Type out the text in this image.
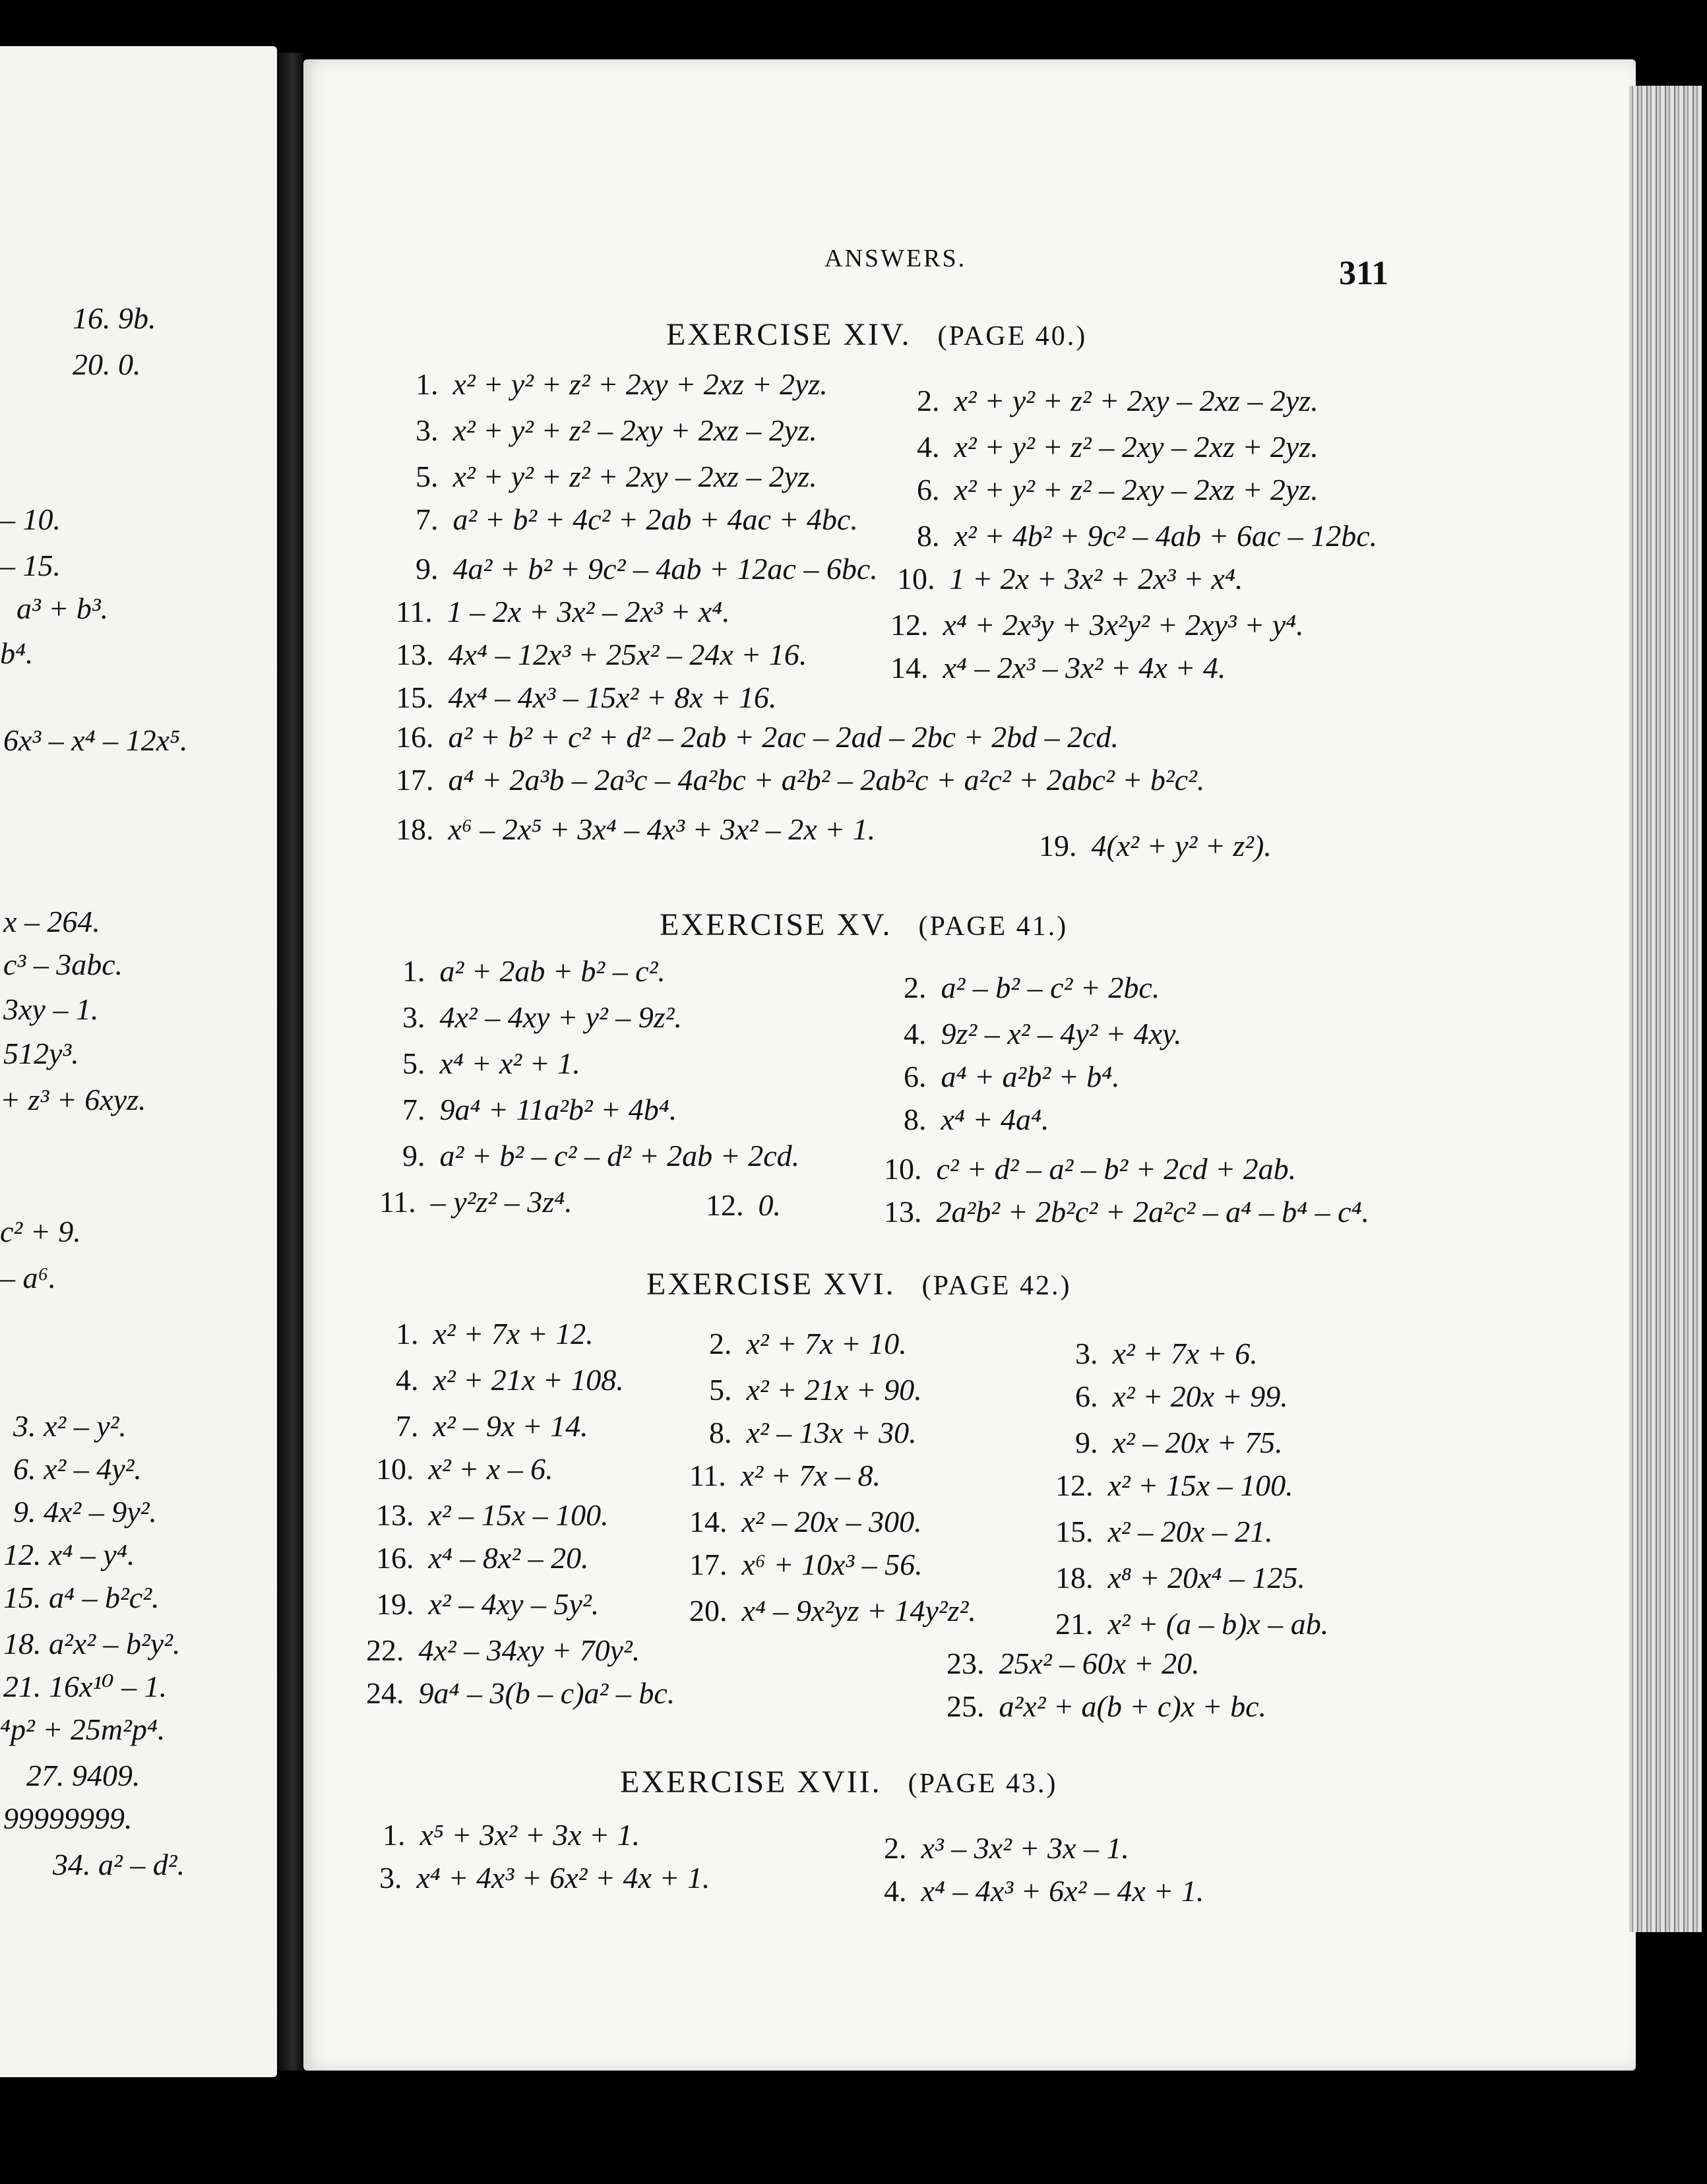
16. 9b.
20. 0.
– 10.
– 15.
a³ + b³.
b⁴.
6x³ – x⁴ – 12x⁵.
x – 264.
c³ – 3abc.
3xy – 1.
512y³.
+ z³ + 6xyz.
c² + 9.
– a⁶.
3. x² – y².
6. x² – 4y².
9. 4x² – 9y².
12. x⁴ – y⁴.
15. a⁴ – b²c².
18. a²x² – b²y².
21. 16x¹⁰ – 1.
⁴p² + 25m²p⁴.
27. 9409.
99999999.
34. a² – d².
ANSWERS.	311
EXERCISE XIV. (PAGE 40.)
1. x² + y² + z² + 2xy + 2xz + 2yz.	2. x² + y² + z² + 2xy – 2xz – 2yz.
3. x² + y² + z² – 2xy + 2xz – 2yz.	4. x² + y² + z² – 2xy – 2xz + 2yz.
5. x² + y² + z² + 2xy – 2xz – 2yz.	6. x² + y² + z² – 2xy – 2xz + 2yz.
7. a² + b² + 4c² + 2ab + 4ac + 4bc. 8. x² + 4b² + 9c² – 4ab + 6ac – 12bc.
9. 4a² + b² + 9c² – 4ab + 12ac – 6bc. 10. 1 + 2x + 3x² + 2x³ + x⁴.
11. 1 – 2x + 3x² – 2x³ + x⁴.	12. x⁴ + 2x³y + 3x²y² + 2xy³ + y⁴.
13. 4x⁴ – 12x³ + 25x² – 24x + 16.	14. x⁴ – 2x³ – 3x² + 4x + 4.
15. 4x⁴ – 4x³ – 15x² + 8x + 16.
16. a² + b² + c² + d² – 2ab + 2ac – 2ad – 2bc + 2bd – 2cd.
17. a⁴ + 2a³b – 2a³c – 4a²bc + a²b² – 2ab²c + a²c² + 2abc² + b²c².
18. x⁶ – 2x⁵ + 3x⁴ – 4x³ + 3x² – 2x + 1.	19. 4(x² + y² + z²).
EXERCISE XV. (PAGE 41.)
1. a² + 2ab + b² – c².	2. a² – b² – c² + 2bc.
3. 4x² – 4xy + y² – 9z².	4. 9z² – x² – 4y² + 4xy.
5. x⁴ + x² + 1.	6. a⁴ + a²b² + b⁴.
7. 9a⁴ + 11a²b² + 4b⁴.	8. x⁴ + 4a⁴.
9. a² + b² – c² – d² + 2ab + 2cd.	10. c² + d² – a² – b² + 2cd + 2ab.
11. – y²z² – 3z⁴.	12. 0.	13. 2a²b² + 2b²c² + 2a²c² – a⁴ – b⁴ – c⁴.
EXERCISE XVI. (PAGE 42.)
1. x² + 7x + 12.	2. x² + 7x + 10.	3. x² + 7x + 6.
4. x² + 21x + 108.	5. x² + 21x + 90.	6. x² + 20x + 99.
7. x² – 9x + 14.	8. x² – 13x + 30.	9. x² – 20x + 75.
10. x² + x – 6.	11. x² + 7x – 8.	12. x² + 15x – 100.
13. x² – 15x – 100.	14. x² – 20x – 300.	15. x² – 20x – 21.
16. x⁴ – 8x² – 20.	17. x⁶ + 10x³ – 56.	18. x⁸ + 20x⁴ – 125.
19. x² – 4xy – 5y².	20. x⁴ – 9x²yz + 14y²z².	21. x² + (a – b)x – ab.
22. 4x² – 34xy + 70y².	23. 25x² – 60x + 20.
24. 9a⁴ – 3(b – c)a² – bc.	25. a²x² + a(b + c)x + bc.
EXERCISE XVII. (PAGE 43.)
1. x⁵ + 3x² + 3x + 1.	2. x³ – 3x² + 3x – 1.
3. x⁴ + 4x³ + 6x² + 4x + 1.	4. x⁴ – 4x³ + 6x² – 4x + 1.
